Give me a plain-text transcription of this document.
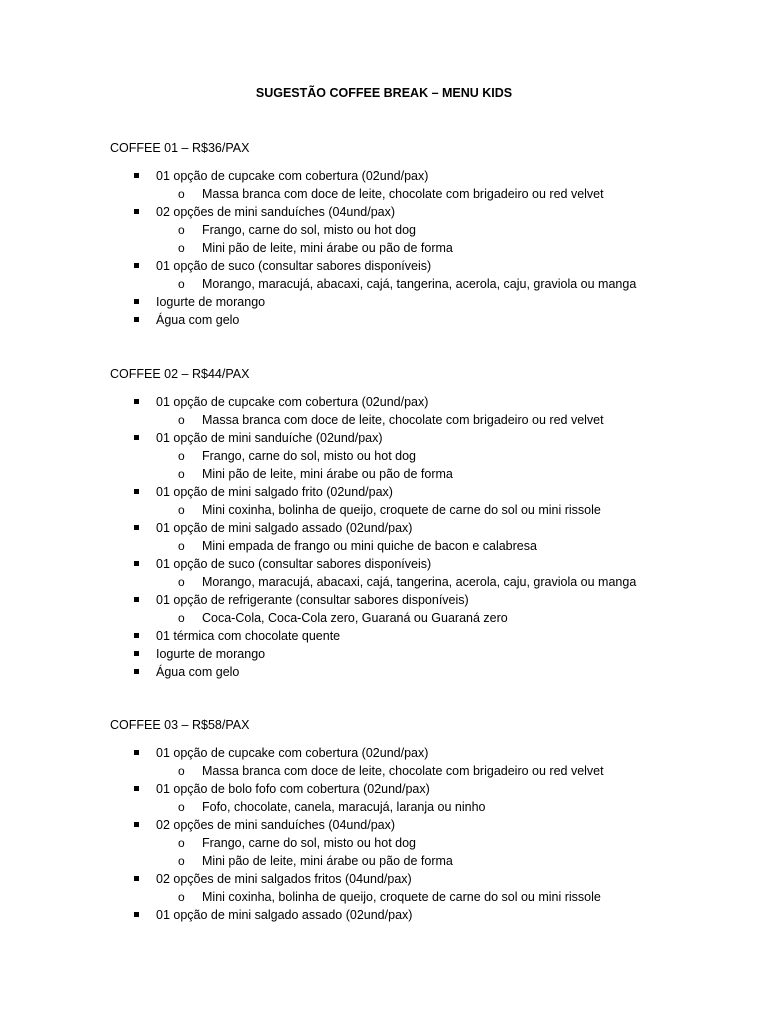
SUGESTÃO COFFEE BREAK – MENU KIDS
COFFEE 01 – R$36/PAX
01 opção de cupcake com cobertura (02und/pax)
o Massa branca com doce de leite, chocolate com brigadeiro ou red velvet
02 opções de mini sanduíches (04und/pax)
o Frango, carne do sol, misto ou hot dog
o Mini pão de leite, mini árabe ou pão de forma
01 opção de suco (consultar sabores disponíveis)
o Morango, maracujá, abacaxi, cajá, tangerina, acerola, caju, graviola ou manga
Iogurte de morango
Água com gelo
COFFEE 02 – R$44/PAX
01 opção de cupcake com cobertura (02und/pax)
o Massa branca com doce de leite, chocolate com brigadeiro ou red velvet
01 opção de mini sanduíche (02und/pax)
o Frango, carne do sol, misto ou hot dog
o Mini pão de leite, mini árabe ou pão de forma
01 opção de mini salgado frito (02und/pax)
o Mini coxinha, bolinha de queijo, croquete de carne do sol ou mini rissole
01 opção de mini salgado assado (02und/pax)
o Mini empada de frango ou mini quiche de bacon e calabresa
01 opção de suco (consultar sabores disponíveis)
o Morango, maracujá, abacaxi, cajá, tangerina, acerola, caju, graviola ou manga
01 opção de refrigerante (consultar sabores disponíveis)
o Coca-Cola, Coca-Cola zero, Guaraná ou Guaraná zero
01 térmica com chocolate quente
Iogurte de morango
Água com gelo
COFFEE 03 – R$58/PAX
01 opção de cupcake com cobertura (02und/pax)
o Massa branca com doce de leite, chocolate com brigadeiro ou red velvet
01 opção de bolo fofo com cobertura (02und/pax)
o Fofo, chocolate, canela, maracujá, laranja ou ninho
02 opções de mini sanduíches (04und/pax)
o Frango, carne do sol, misto ou hot dog
o Mini pão de leite, mini árabe ou pão de forma
02 opções de mini salgados fritos (04und/pax)
o Mini coxinha, bolinha de queijo, croquete de carne do sol ou mini rissole
01 opção de mini salgado assado (02und/pax)
